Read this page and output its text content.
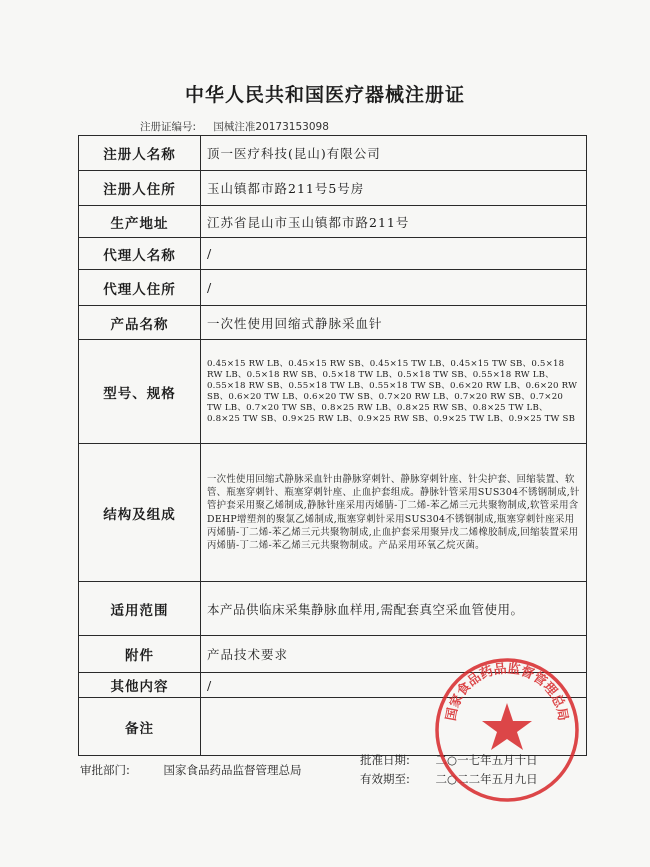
中华人民共和国医疗器械注册证
注册证编号: 国械注准20173153098
注册人名称	顶一医疗科技(昆山)有限公司
注册人住所	玉山镇都市路211号5号房
生产地址	江苏省昆山市玉山镇都市路211号
代理人名称	/
代理人住所	/
产品名称	一次性使用回缩式静脉采血针
型号、规格	0.45×15 RW LB、0.45×15 RW SB、0.45×15 TW LB、0.45×15 TW SB、0.5×18 RW LB、0.5×18 RW SB、0.5×18 TW LB、0.5×18 TW SB、0.55×18 RW LB、0.55×18 RW SB、0.55×18 TW LB、0.55×18 TW SB、0.6×20 RW LB、0.6×20 RW SB、0.6×20 TW LB、0.6×20 TW SB、0.7×20 RW LB、0.7×20 RW SB、0.7×20 TW LB、0.7×20 TW SB、0.8×25 RW LB、0.8×25 RW SB、0.8×25 TW LB、0.8×25 TW SB、0.9×25 RW LB、0.9×25 RW SB、0.9×25 TW LB、0.9×25 TW SB
结构及组成	一次性使用回缩式静脉采血针由静脉穿刺针、静脉穿刺针座、针尖护套、回缩装置、软管、瓶塞穿刺针、瓶塞穿刺针座、止血护套组成。静脉针管采用SUS304不锈钢制成,针管护套采用聚乙烯制成,静脉针座采用丙烯腈-丁二烯-苯乙烯三元共聚物制成,软管采用含DEHP增塑剂的聚氯乙烯制成,瓶塞穿刺针采用SUS304不锈钢制成,瓶塞穿刺针座采用丙烯腈-丁二烯-苯乙烯三元共聚物制成,止血护套采用聚异戊二烯橡胶制成,回缩装置采用丙烯腈-丁二烯-苯乙烯三元共聚物制成。产品采用环氧乙烷灭菌。
适用范围	本产品供临床采集静脉血样用,需配套真空采血管使用。
附件	产品技术要求
其他内容	/
备注	
审批部门:	国家食品药品监督管理总局
批准日期: 二○一七年五月十日
有效期至: 二○二二年五月九日
国家食品药品监督管理总局
